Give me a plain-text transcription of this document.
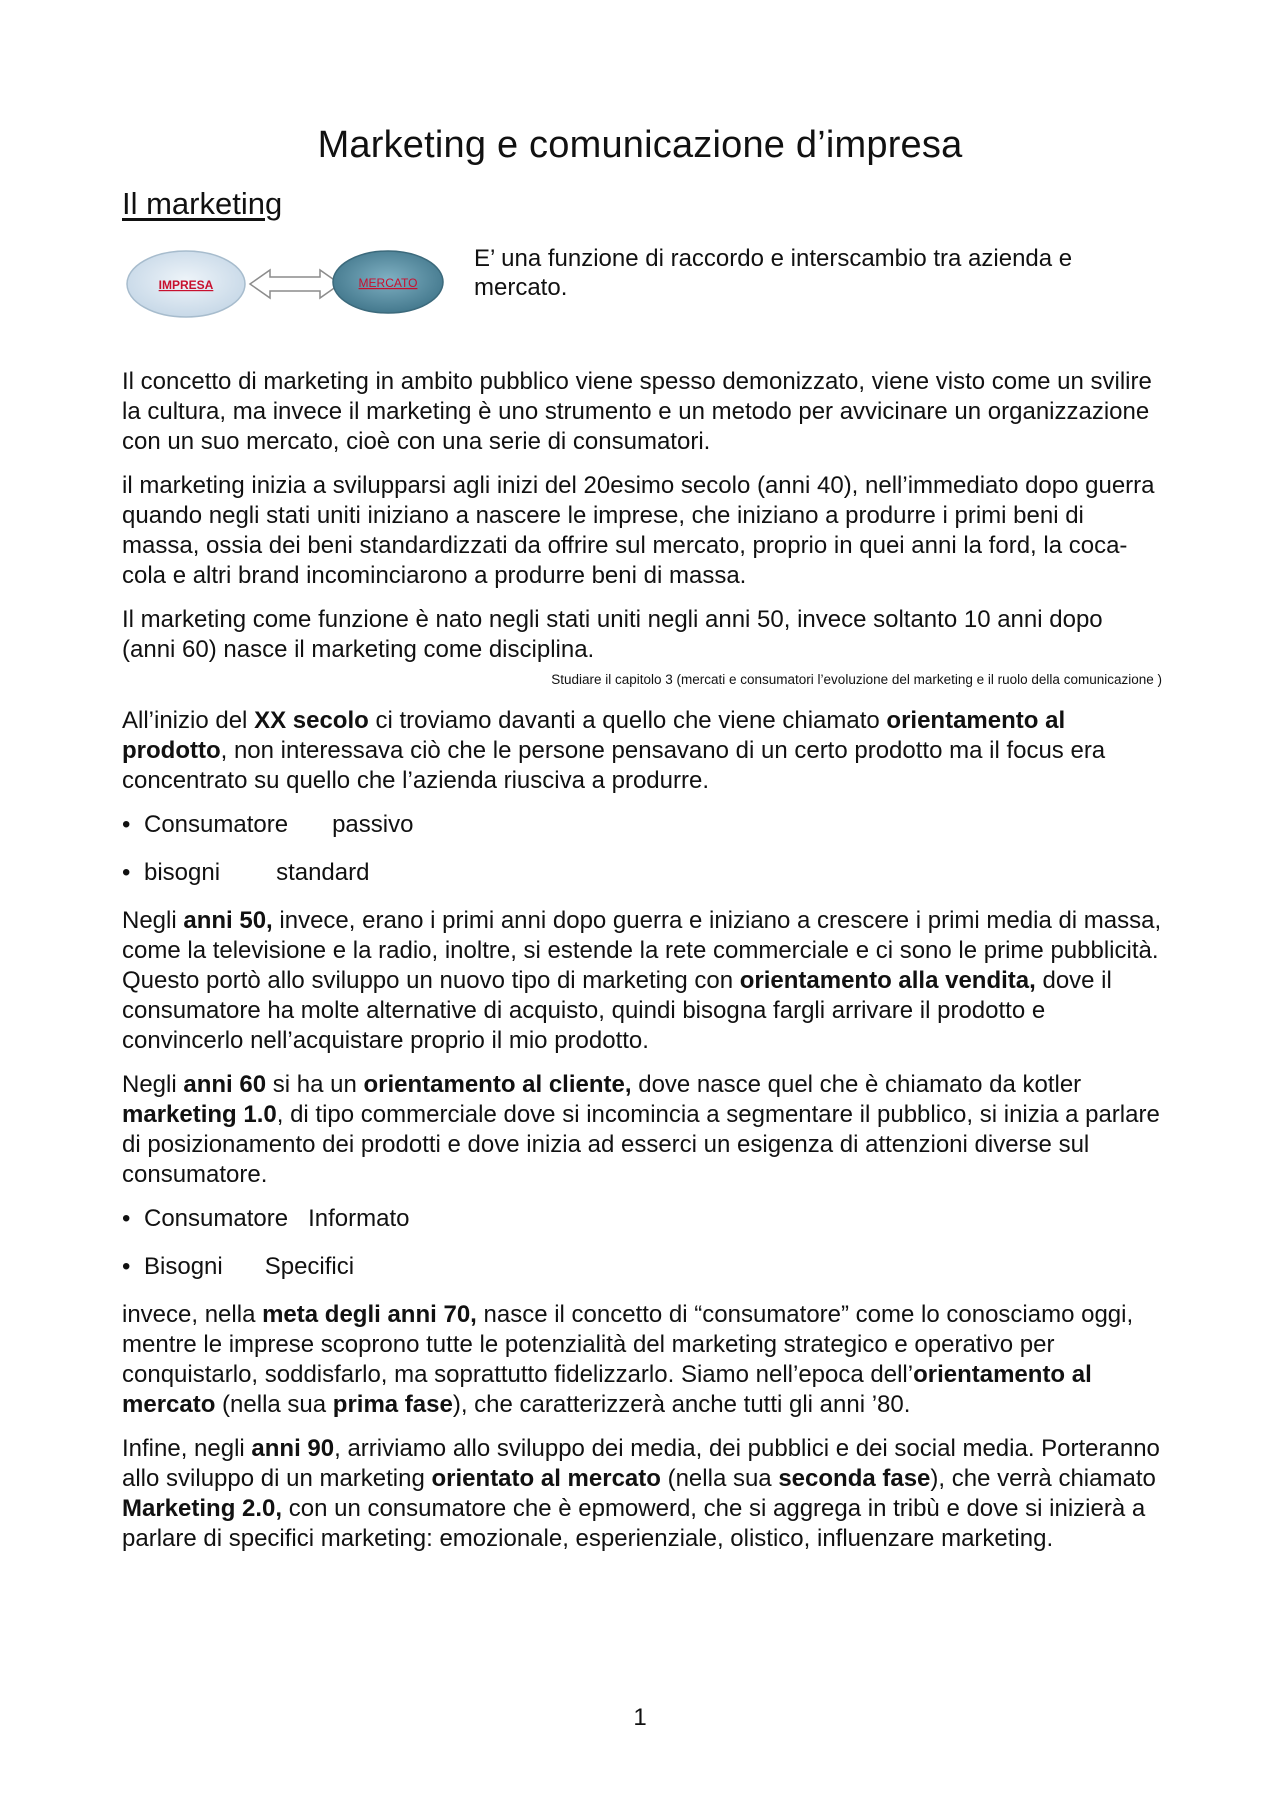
Marketing e comunicazione d’impresa
Il marketing
IMPRESA	MERCATO

E’ una funzione di raccordo e interscambio tra azienda e mercato.

Il concetto di marketing in ambito pubblico viene spesso demonizzato, viene visto come un svilire la cultura, ma invece il marketing è uno strumento e un metodo per avvicinare un organizzazione con un suo mercato, cioè con una serie di consumatori.

il marketing inizia a svilupparsi agli inizi del 20esimo secolo (anni 40), nell’immediato dopo guerra quando negli stati uniti iniziano a nascere le imprese, che iniziano a produrre i primi beni di massa, ossia dei beni standardizzati da offrire sul mercato, proprio in quei anni la ford, la coca-cola e altri brand incominciarono a produrre beni di massa.

Il marketing come funzione è nato negli stati uniti negli anni 50, invece soltanto 10 anni dopo (anni 60) nasce il marketing come disciplina.

Studiare il capitolo 3 (mercati e consumatori l’evoluzione del marketing e il ruolo della comunicazione )

All’inizio del XX secolo ci troviamo davanti a quello che viene chiamato orientamento al prodotto, non interessava ciò che le persone pensavano di un certo prodotto ma il focus era concentrato su quello che l’azienda riusciva a produrre.

• Consumatore passivo
• bisogni standard

Negli anni 50, invece, erano i primi anni dopo guerra e iniziano a crescere i primi media di massa, come la televisione e la radio, inoltre, si estende la rete commerciale e ci sono le prime pubblicità. Questo portò allo sviluppo un nuovo tipo di marketing con orientamento alla vendita, dove il consumatore ha molte alternative di acquisto, quindi bisogna fargli arrivare il prodotto e convincerlo nell’acquistare proprio il mio prodotto.

Negli anni 60 si ha un orientamento al cliente, dove nasce quel che è chiamato da kotler marketing 1.0, di tipo commerciale dove si incomincia a segmentare il pubblico, si inizia a parlare di posizionamento dei prodotti e dove inizia ad esserci un esigenza di attenzioni diverse sul consumatore.

• Consumatore Informato
• Bisogni Specifici

invece, nella meta degli anni 70, nasce il concetto di “consumatore” come lo conosciamo oggi, mentre le imprese scoprono tutte le potenzialità del marketing strategico e operativo per conquistarlo, soddisfarlo, ma soprattutto fidelizzarlo. Siamo nell’epoca dell’orientamento al mercato (nella sua prima fase), che caratterizzerà anche tutti gli anni ’80.

Infine, negli anni 90, arriviamo allo sviluppo dei media, dei pubblici e dei social media. Porteranno allo sviluppo di un marketing orientato al mercato (nella sua seconda fase), che verrà chiamato Marketing 2.0, con un consumatore che è epmowerd, che si aggrega in tribù e dove si inizierà a parlare di specifici marketing: emozionale, esperienziale, olistico, influenzare marketing.

1
